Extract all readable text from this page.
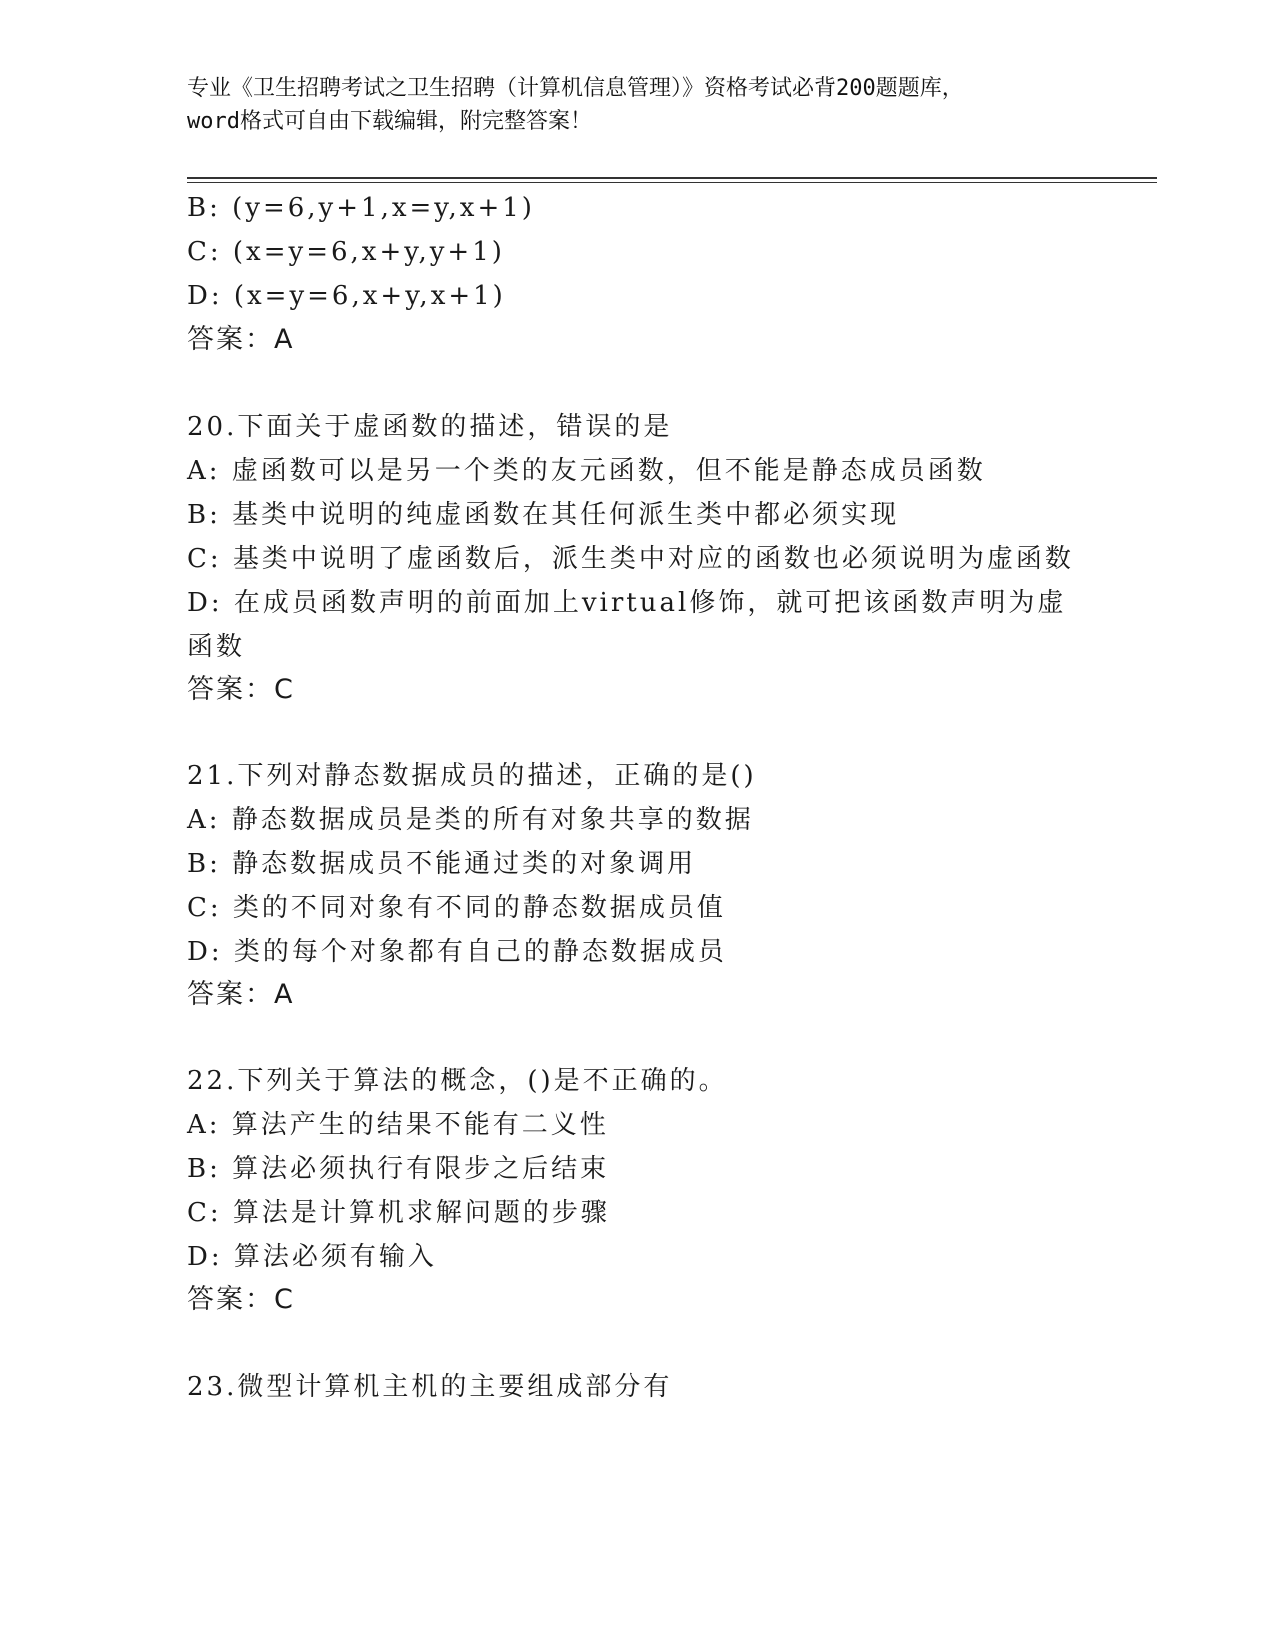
专业《卫生招聘考试之卫生招聘（计算机信息管理）》资格考试必背200题题库，
word格式可自由下载编辑，附完整答案！
B: (y=6,y+1,x=y,x+1)
C: (x=y=6,x+y,y+1)
D: (x=y=6,x+y,x+1)
答案：A
20.下面关于虚函数的描述，错误的是
A: 虚函数可以是另一个类的友元函数，但不能是静态成员函数
B: 基类中说明的纯虚函数在其任何派生类中都必须实现
C: 基类中说明了虚函数后，派生类中对应的函数也必须说明为虚函数
D: 在成员函数声明的前面加上virtual修饰，就可把该函数声明为虚
函数
答案：C
21.下列对静态数据成员的描述，正确的是()
A: 静态数据成员是类的所有对象共享的数据
B: 静态数据成员不能通过类的对象调用
C: 类的不同对象有不同的静态数据成员值
D: 类的每个对象都有自己的静态数据成员
答案：A
22.下列关于算法的概念，()是不正确的。
A: 算法产生的结果不能有二义性
B: 算法必须执行有限步之后结束
C: 算法是计算机求解问题的步骤
D: 算法必须有输入
答案：C
23.微型计算机主机的主要组成部分有
